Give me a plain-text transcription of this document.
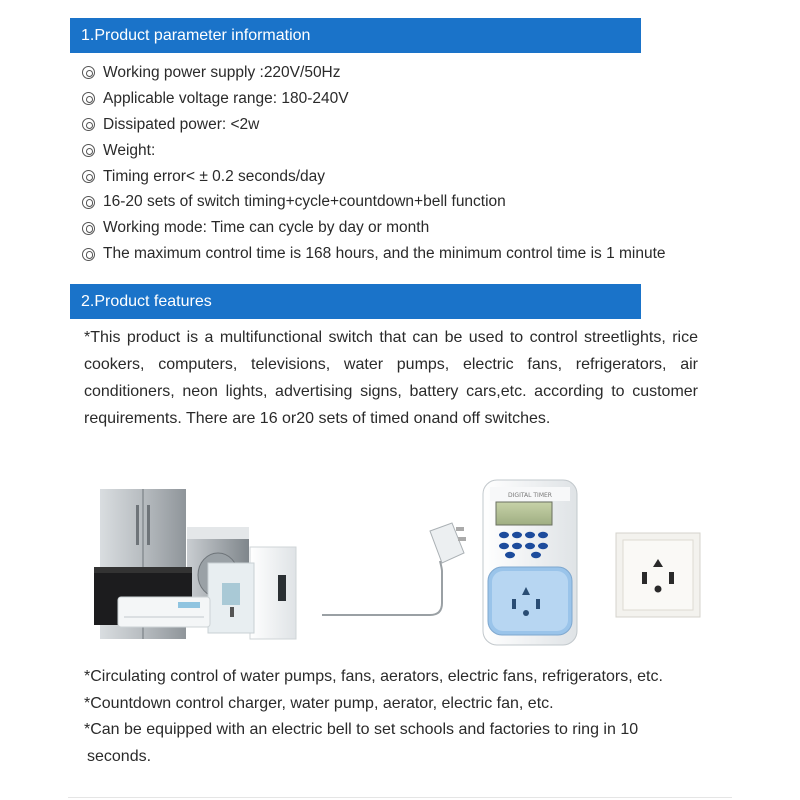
1.Product parameter information
Working power supply :220V/50Hz
Applicable voltage range: 180-240V
Dissipated power: <2w
Weight:
Timing error< ± 0.2 seconds/day
16-20 sets of switch timing+cycle+countdown+bell function
Working mode: Time can cycle by day or month
The maximum control time is 168 hours, and the minimum control time is 1 minute
2.Product features

*This product is a multifunctional switch that can be used to control streetlights, rice cookers, computers, televisions, water pumps, electric fans, refrigerators, air conditioners, neon lights, advertising signs, battery cars,etc. according to customer requirements. There are 16 or20 sets of timed onand off switches.

DIGITAL TIMER
*Circulating control of water pumps, fans, aerators, electric fans, refrigerators, etc.
*Countdown control charger, water pump, aerator, electric fan, etc.
*Can be equipped with an electric bell to set schools and factories to ring in 10
seconds.
